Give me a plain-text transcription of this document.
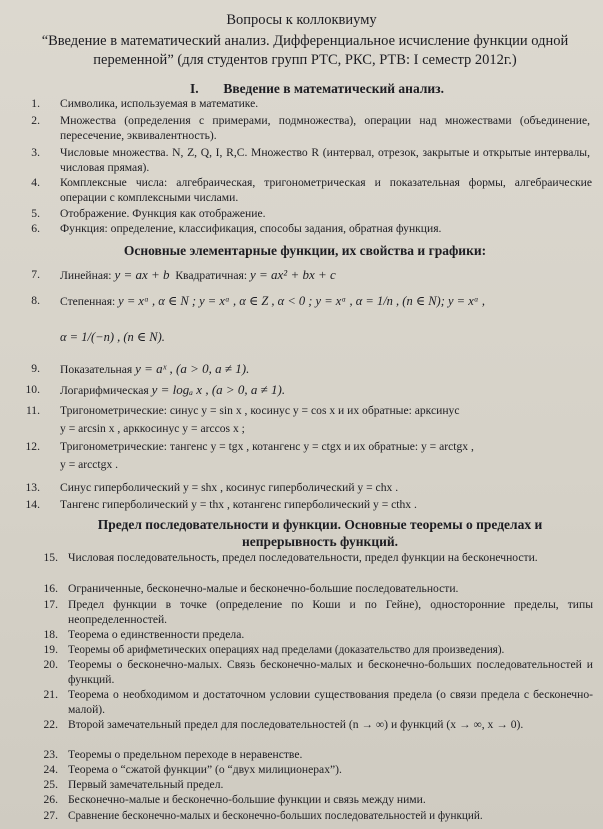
Вопросы к коллоквиуму
“Введение в математический анализ. Дифференциальное исчисление функции одной переменной” (для студентов групп РТС, РКС, РТВ: I семестр 2012г.)
I. Введение в математический анализ.
1. Символика, используемая в математике.
2. Множества (определения с примерами, подмножества), операции над множествами (объединение, пересечение, эквивалентность).
3. Числовые множества. N, Z, Q, I, R,C. Множество R (интервал, отрезок, закрытые и открытые интервалы, числовая прямая).
4. Комплексные числа: алгебраическая, тригонометрическая и показательная формы, алгебраические операции с комплексными числами.
5. Отображение. Функция как отображение.
6. Функция: определение, классификация, способы задания, обратная функция.
Основные элементарные функции, их свойства и графики:
7. Линейная: y = ax + b Квадратичная: y = ax² + bx + c
8. Степенная: y = xᵅ , α ∈ N ; y = xᵅ , α ∈ Z , α < 0 ; y = xᵅ , α = 1/n , (n ∈ N); y = xᵅ ,
α = 1/(−n) , (n ∈ N).
9. Показательная y = aˣ , (a > 0, a ≠ 1).
10. Логарифмическая y = logₐ x , (a > 0, a ≠ 1).
11. Тригонометрические: синус y = sin x , косинус y = cos x и их обратные: арксинус
y = arcsin x , арккосинус y = arccos x ;
12. Тригонометрические: тангенс y = tgx , котангенс y = ctgx и их обратные: y = arctgx ,
y = arcctgx .
13. Синус гиперболический y = shx , косинус гиперболический y = chx .
14. Тангенс гиперболический y = thx , котангенс гиперболический y = cthx .
Предел последовательности и функции. Основные теоремы о пределах и непрерывность функций.
15. Числовая последовательность, предел последовательности, предел функции на бесконечности.
16. Ограниченные, бесконечно-малые и бесконечно-большие последовательности.
17. Предел функции в точке (определение по Коши и по Гейне), односторонние пределы, типы неопределенностей.
18. Теорема о единственности предела.
19. Теоремы об арифметических операциях над пределами (доказательство для произведения).
20. Теоремы о бесконечно-малых. Связь бесконечно-малых и бесконечно-больших последовательностей и функций.
21. Теорема о необходимом и достаточном условии существования предела (о связи предела с бесконечно-малой).
22. Второй замечательный предел для последовательностей (n → ∞) и функций (x → ∞, x → 0).
23. Теоремы о предельном переходе в неравенстве.
24. Теорема о “сжатой функции” (о “двух милиционерах”).
25. Первый замечательный предел.
26. Бесконечно-малые и бесконечно-большие функции и связь между ними.
27. Сравнение бесконечно-малых и бесконечно-больших последовательностей и функций.
